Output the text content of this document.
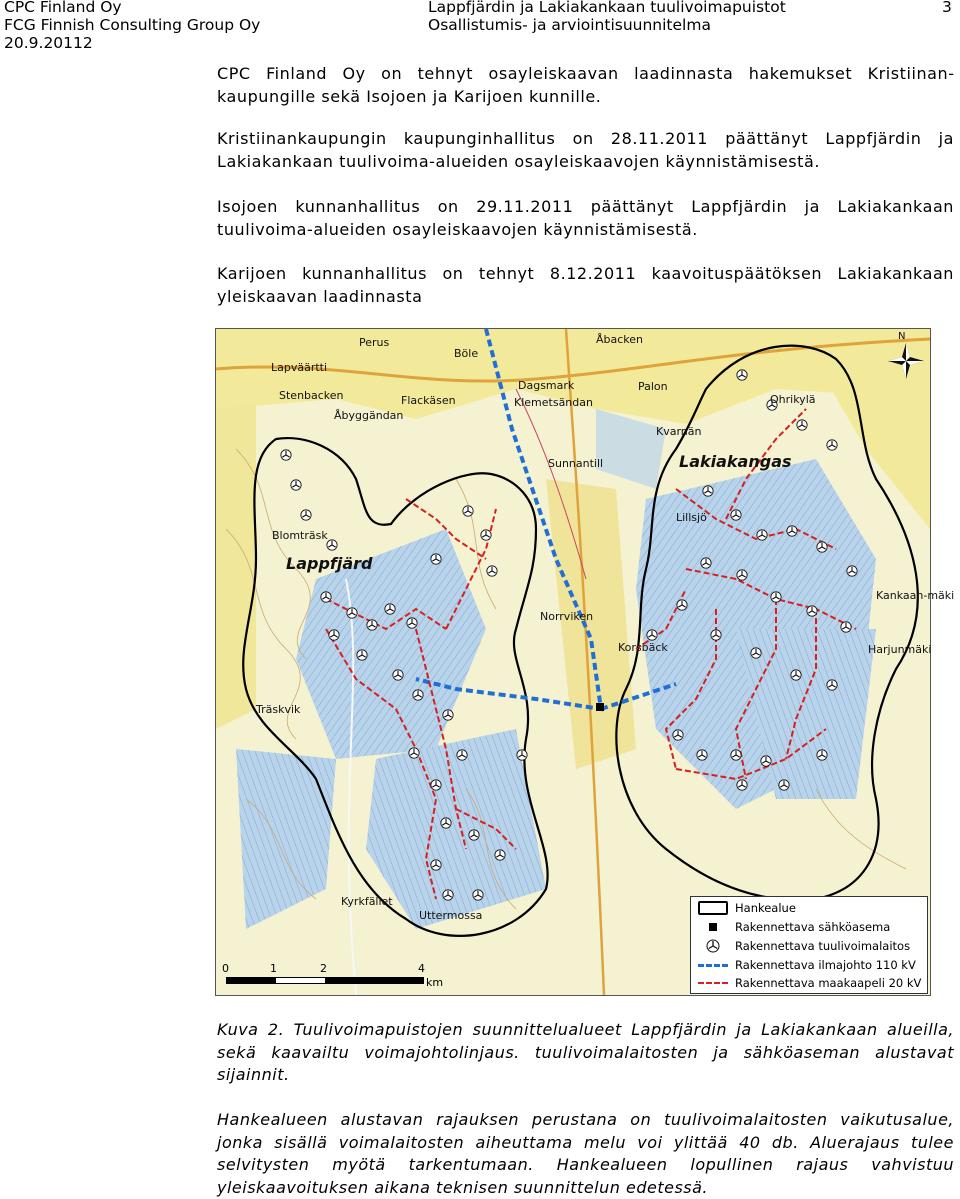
CPC Finland Oy
FCG Finnish Consulting Group Oy
20.9.20112
Lappfjärdin ja Lakiakankaan tuulivoimapuistot
Osallistumis- ja arviointisuunnitelma
3
CPC Finland Oy on tehnyt osayleiskaavan laadinnasta hakemukset Kristiinankaupungille sekä Isojoen ja Karijoen kunnille.
Kristiinankaupungin kaupunginhallitus on 28.11.2011 päättänyt Lappfjärdin ja Lakiakankaan tuulivoima-alueiden osayleiskaavojen käynnistämisestä.
Isojoen kunnanhallitus on 29.11.2011 päättänyt Lappfjärdin ja Lakiakankaan tuulivoima-alueiden osayleiskaavojen käynnistämisestä.
Karijoen kunnanhallitus on tehnyt 8.12.2011 kaavoituspäätöksen Lakiakankaan yleiskaavan laadinnasta
Perus
Böle
Åbacken
Lapväärtti
Stenbacken	Flackäsen
Åbyggändan
Dagsmark
Klemetsändan
Palon
Ohrikylä
Kvarnän
Sunnantill
Lillsjö
Blomträsk
Norrviken
Korsbäck
Kankaan-mäki
Harjunmäki
Träskvik
Kyrkfället
Uttermossa
Lakiakangas
Lappfjärd
N
0	1	2	4
km
Hankealue
Rakennettava sähköasema
Rakennettava tuulivoimalaitos
Rakennettava ilmajohto 110 kV
Rakennettava maakaapeli 20 kV
Kuva 2. Tuulivoimapuistojen suunnittelualueet Lappfjärdin ja Lakiakankaan alueilla, sekä kaavailtu voimajohtolinjaus. tuulivoimalaitosten ja sähköaseman alustavat sijainnit.
Hankealueen alustavan rajauksen perustana on tuulivoimalaitosten vaikutusalue, jonka sisällä voimalaitosten aiheuttama melu voi ylittää 40 db. Aluerajaus tulee selvitysten myötä tarkentumaan. Hankealueen lopullinen rajaus vahvistuu yleiskaavoituksen aikana teknisen suunnittelun edetessä.
